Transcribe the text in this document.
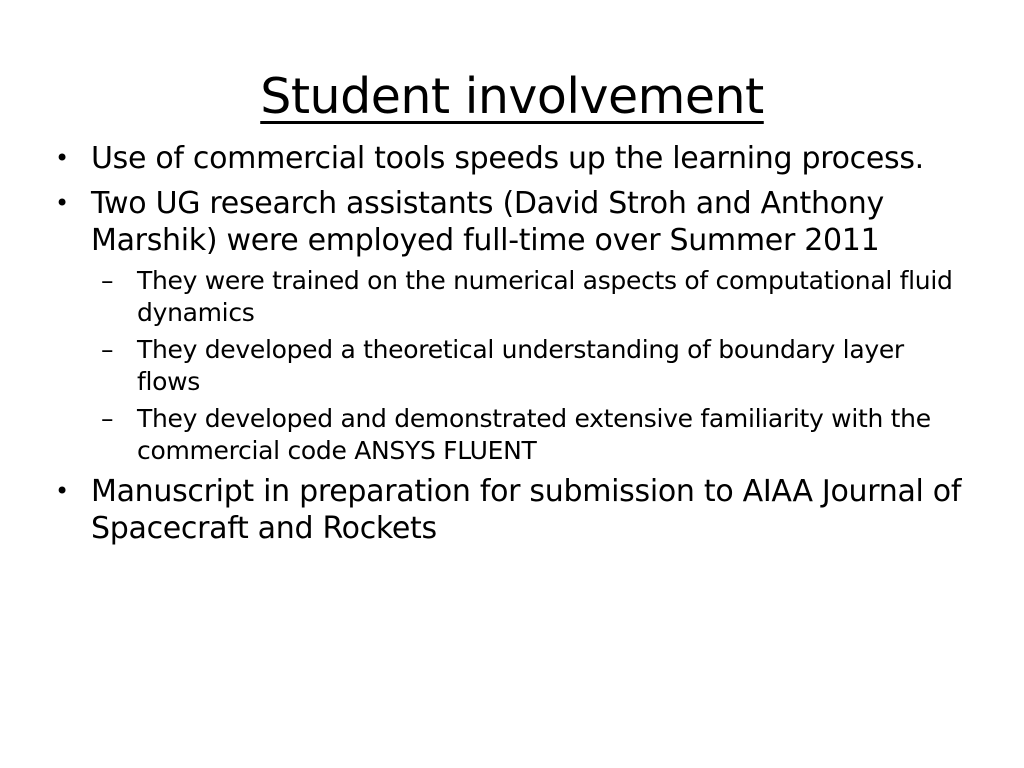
Student involvement
• Use of commercial tools speeds up the learning process.
• Two UG research assistants (David Stroh and Anthony Marshik) were employed full-time over Summer 2011
– They were trained on the numerical aspects of computational fluid dynamics
– They developed a theoretical understanding of boundary layer flows
– They developed and demonstrated extensive familiarity with the commercial code ANSYS FLUENT
• Manuscript in preparation for submission to AIAA Journal of Spacecraft and Rockets
